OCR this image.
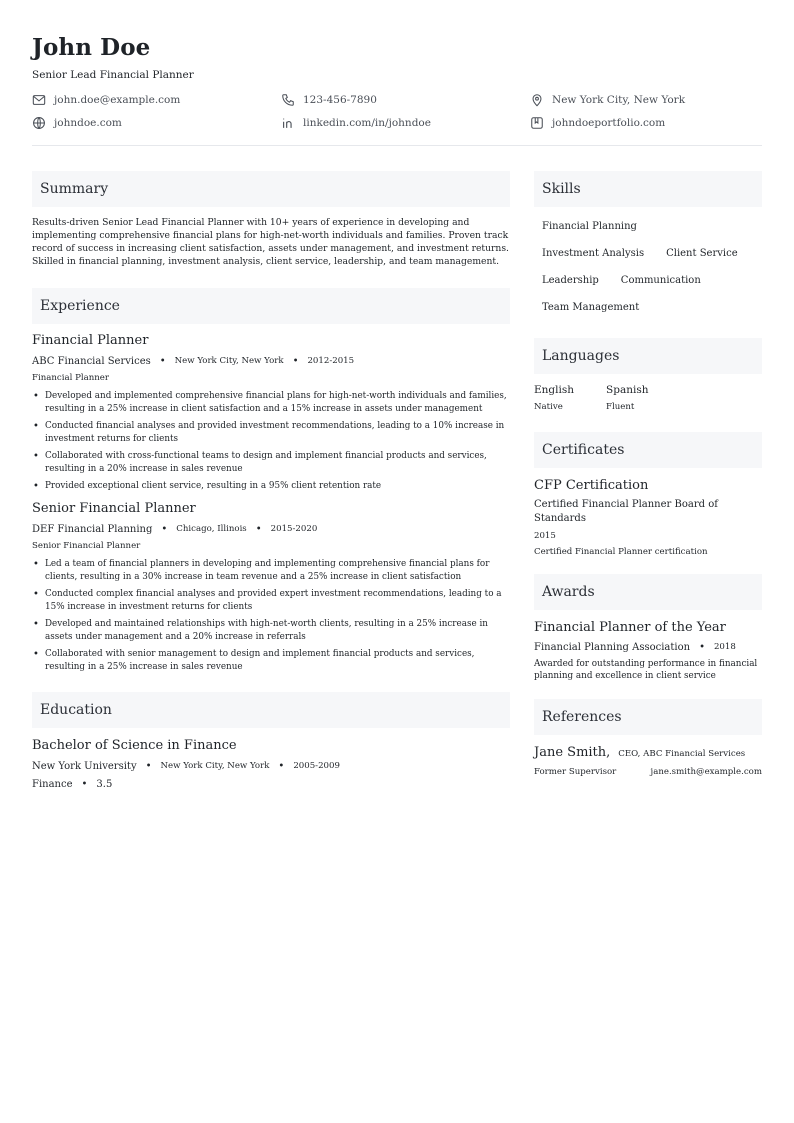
John Doe
Senior Lead Financial Planner
john.doe@example.com	123-456-7890	New York City, New York
johndoe.com	linkedin.com/in/johndoe	johndoeportfolio.com
Summary

Results-driven Senior Lead Financial Planner with 10+ years of experience in developing and implementing comprehensive financial plans for high-net-worth individuals and families. Proven track record of success in increasing client satisfaction, assets under management, and investment returns. Skilled in financial planning, investment analysis, client service, leadership, and team management.

Experience
Financial Planner
ABC Financial Services • New York City, New York • 2012-2015
Financial Planner
• Developed and implemented comprehensive financial plans for high-net-worth individuals and families, resulting in a 25% increase in client satisfaction and a 15% increase in assets under management
• Conducted financial analyses and provided investment recommendations, leading to a 10% increase in investment returns for clients
• Collaborated with cross-functional teams to design and implement financial products and services, resulting in a 20% increase in sales revenue
• Provided exceptional client service, resulting in a 95% client retention rate
Senior Financial Planner
DEF Financial Planning • Chicago, Illinois • 2015-2020
Senior Financial Planner
• Led a team of financial planners in developing and implementing comprehensive financial plans for clients, resulting in a 30% increase in team revenue and a 25% increase in client satisfaction
• Conducted complex financial analyses and provided expert investment recommendations, leading to a 15% increase in investment returns for clients
• Developed and maintained relationships with high-net-worth clients, resulting in a 25% increase in assets under management and a 20% increase in referrals
• Collaborated with senior management to design and implement financial products and services, resulting in a 25% increase in sales revenue
Education
Bachelor of Science in Finance
New York University • New York City, New York • 2005-2009
Finance • 3.5
Skills
Financial Planning
Investment Analysis	Client Service
Leadership	Communication
Team Management
Languages
English
Native
Spanish
Fluent
Certificates
CFP Certification
Certified Financial Planner Board of Standards
2015
Certified Financial Planner certification
Awards
Financial Planner of the Year
Financial Planning Association • 2018
Awarded for outstanding performance in financial planning and excellence in client service
References
Jane Smith, CEO, ABC Financial Services
Former Supervisor	jane.smith@example.com
